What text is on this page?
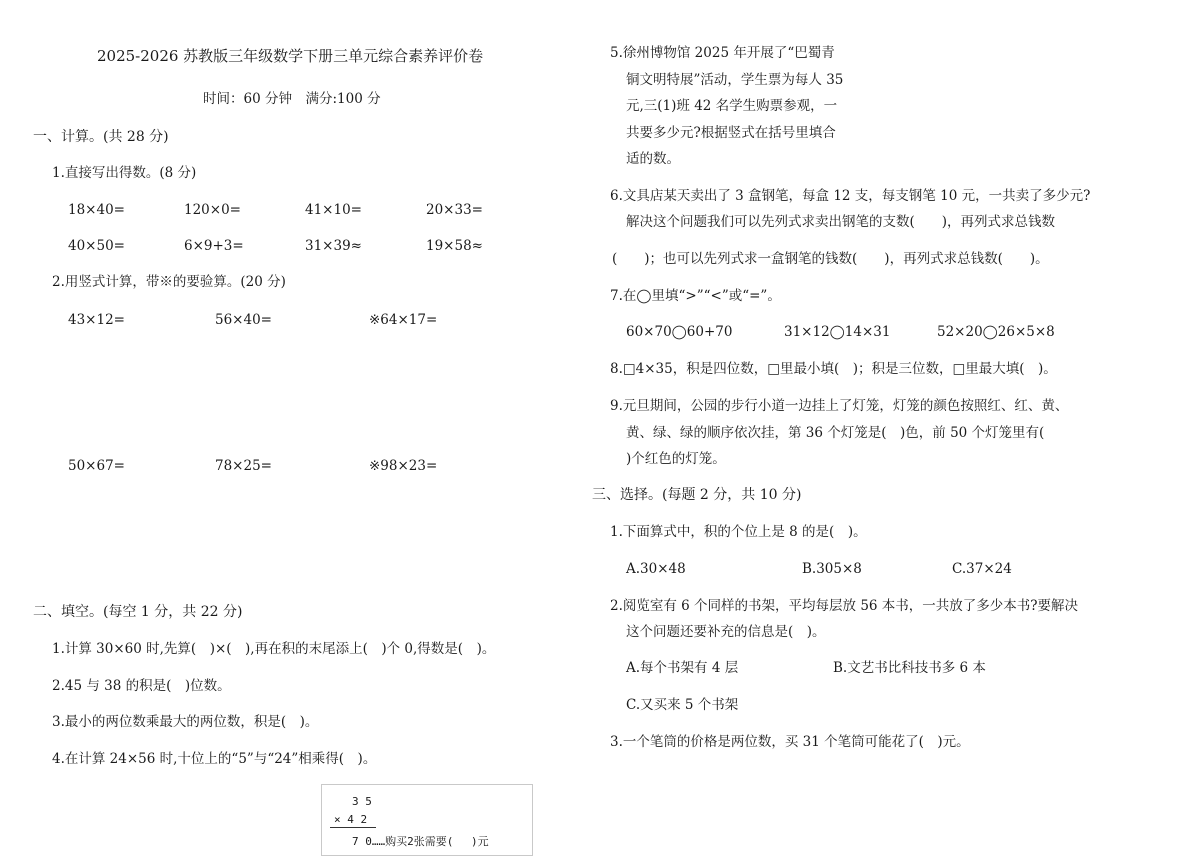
2025-2026 苏教版三年级数学下册三单元综合素养评价卷
时间：60 分钟　满分:100 分
一、计算。(共 28 分)
1.直接写出得数。(8 分)
18×40=	120×0=	41×10=	20×33=
40×50=	6×9+3=	31×39≈	19×58≈
2.用竖式计算，带※的要验算。(20 分)
43×12=	56×40=	※64×17=
50×67=	78×25=	※98×23=
二、填空。(每空 1 分，共 22 分)
1.计算 30×60 时,先算(　)×(　),再在积的末尾添上(　)个 0,得数是(　)。
2.45 与 38 的积是(　)位数。
3.最小的两位数乘最大的两位数，积是(　)。
4.在计算 24×56 时,十位上的“5”与“24”相乘得(　)。
3 5
× 4 2
7 0……购买2张需要(　 )元
5.徐州博物馆 2025 年开展了“巴蜀青
铜文明特展”活动，学生票为每人 35
元,三(1)班 42 名学生购票参观，一
共要多少元?根据竖式在括号里填合
适的数。
6.文具店某天卖出了 3 盒钢笔，每盒 12 支，每支钢笔 10 元，一共卖了多少元?
解决这个问题我们可以先列式求卖出钢笔的支数(　　)，再列式求总钱数
(　　)；也可以先列式求一盒钢笔的钱数(　　)，再列式求总钱数(　　)。
7.在◯里填“>”“<”或“=”。
60×70◯60+70	31×12◯14×31	52×20◯26×5×8
8.□4×35，积是四位数，□里最小填(　)；积是三位数，□里最大填(　)。
9.元旦期间，公园的步行小道一边挂上了灯笼，灯笼的颜色按照红、红、黄、
黄、绿、绿的顺序依次挂，第 36 个灯笼是(　)色，前 50 个灯笼里有(
)个红色的灯笼。
三、选择。(每题 2 分，共 10 分)
1.下面算式中，积的个位上是 8 的是(　)。
A.30×48	B.305×8	C.37×24
2.阅览室有 6 个同样的书架，平均每层放 56 本书，一共放了多少本书?要解决
这个问题还要补充的信息是(　)。
A.每个书架有 4 层	B.文艺书比科技书多 6 本
C.又买来 5 个书架
3.一个笔筒的价格是两位数，买 31 个笔筒可能花了(　)元。
